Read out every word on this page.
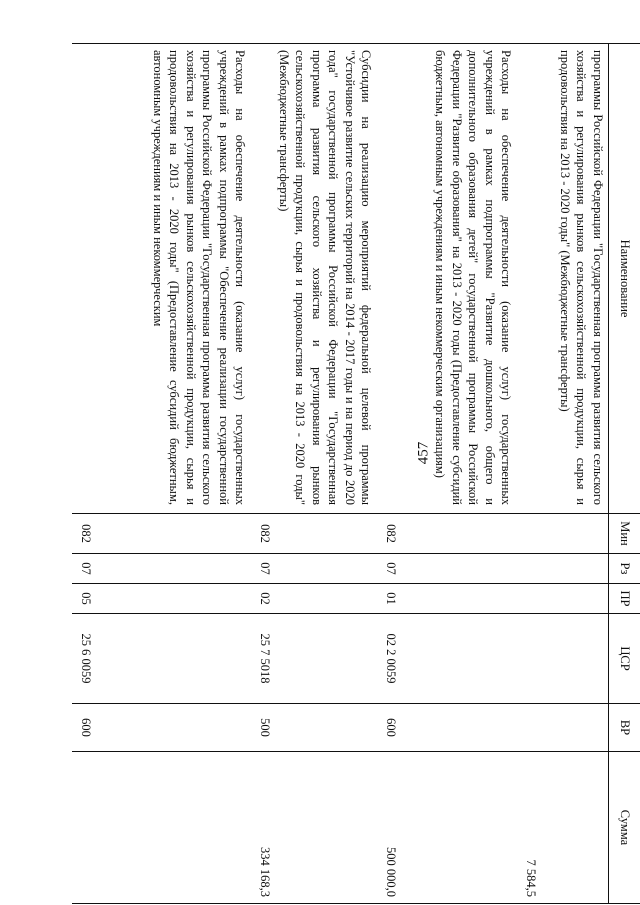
457
Наименование	Мин	Рз	ПР	ЦСР	ВР	Сумма
программы Российской Федерации "Государственная программа развития сельского хозяйства и регулирования рынков сельскохозяйственной продукции, сырья и продовольствия на 2013 - 2020 годы" (Межбюджетные трансферты)						7 584,5
Расходы на обеспечение деятельности (оказание услуг) государственных учреждений в рамках подпрограммы "Развитие дошкольного, общего и дополнительного образования детей" государственной программы Российской Федерации "Развитие образования" на 2013 - 2020 годы (Предоставление субсидий бюджетным, автономным учреждениям и иным некоммерческим организациям)	082	07	01	02 2 0059	600	500 000,0
Субсидии на реализацию мероприятий федеральной целевой программы "Устойчивое развитие сельских территорий на 2014 - 2017 годы и на период до 2020 года" государственной программы Российской Федерации "Государственная программа развития сельского хозяйства и регулирования рынков сельскохозяйственной продукции, сырья и продовольствия на 2013 - 2020 годы" (Межбюджетные трансферты)	082	07	02	25 7 5018	500	334 168,3
Расходы на обеспечение деятельности (оказание услуг) государственных учреждений в рамках подпрограммы "Обеспечение реализации государственной программы Российской Федерации "Государственная программа развития сельского хозяйства и регулирования рынков сельскохозяйственной продукции, сырья и продовольствия на 2013 - 2020 годы" (Предоставление субсидий бюджетным, автономным учреждениям и иным некоммерческим	082	07	05	25 6 0059	600	
